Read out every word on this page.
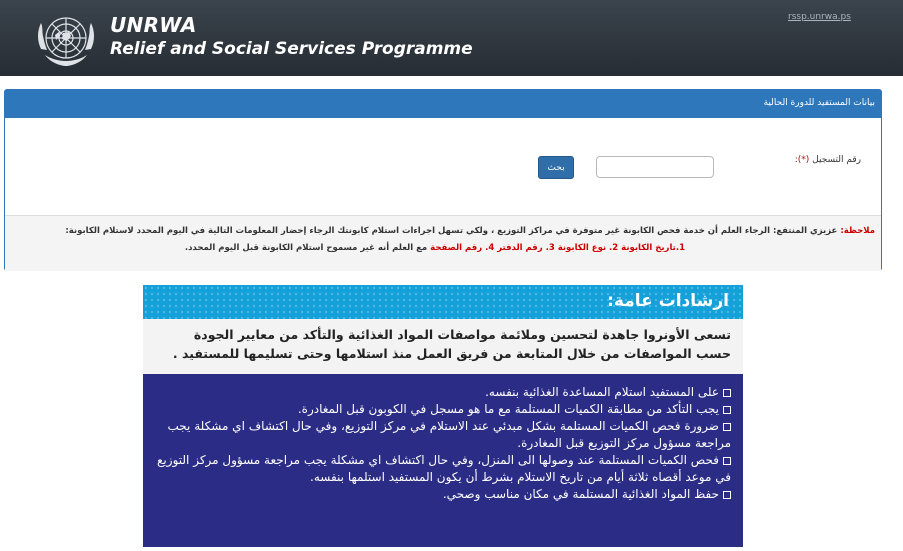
UNRWA
Relief and Social Services Programme
rssp.unrwa.ps
بيانات المستفيد للدورة الحالية
رقم التسجيل (*):
بحث
ملاحظة: عزيزي المنتفع: الرجاء العلم أن خدمة فحص الكابونة غير متوفرة في مراكز التوزيع ، ولكي تسهل اجراءات استلام كابونتك الرجاء إحضار المعلومات التالية في اليوم المحدد لاستلام الكابونة:
1.تاريخ الكابونة 2. نوع الكابونة 3. رقم الدفتر 4. رقم الصفحة مع العلم أنه غير مسموح استلام الكابونة قبل اليوم المحدد.
ارشادات عامة:
تسعى الأونروا جاهدة لتحسين وملائمة مواصفات المواد الغذائية والتأكد من معايير الجودة حسب المواصفات من خلال المتابعة من فريق العمل منذ استلامها وحتى تسليمها للمستفيد .

على المستفيد استلام المساعدة الغذائية بنفسه.

يجب التأكد من مطابقة الكميات المستلمة مع ما هو مسجل في الكوبون قبل المغادرة.

ضرورة فحص الكميات المستلمة بشكل مبدئي عند الاستلام في مركز التوزيع، وفي حال اكتشاف اي مشكلة يجب مراجعة مسؤول مركز التوزيع قبل المغادرة.

فحص الكميات المستلمة عند وصولها الى المنزل، وفي حال اكتشاف اي مشكلة يجب مراجعة مسؤول مركز التوزيع في موعد أقصاه ثلاثة أيام من تاريخ الاستلام بشرط أن يكون المستفيد استلمها بنفسه.

حفظ المواد الغذائية المستلمة في مكان مناسب وصحي.
